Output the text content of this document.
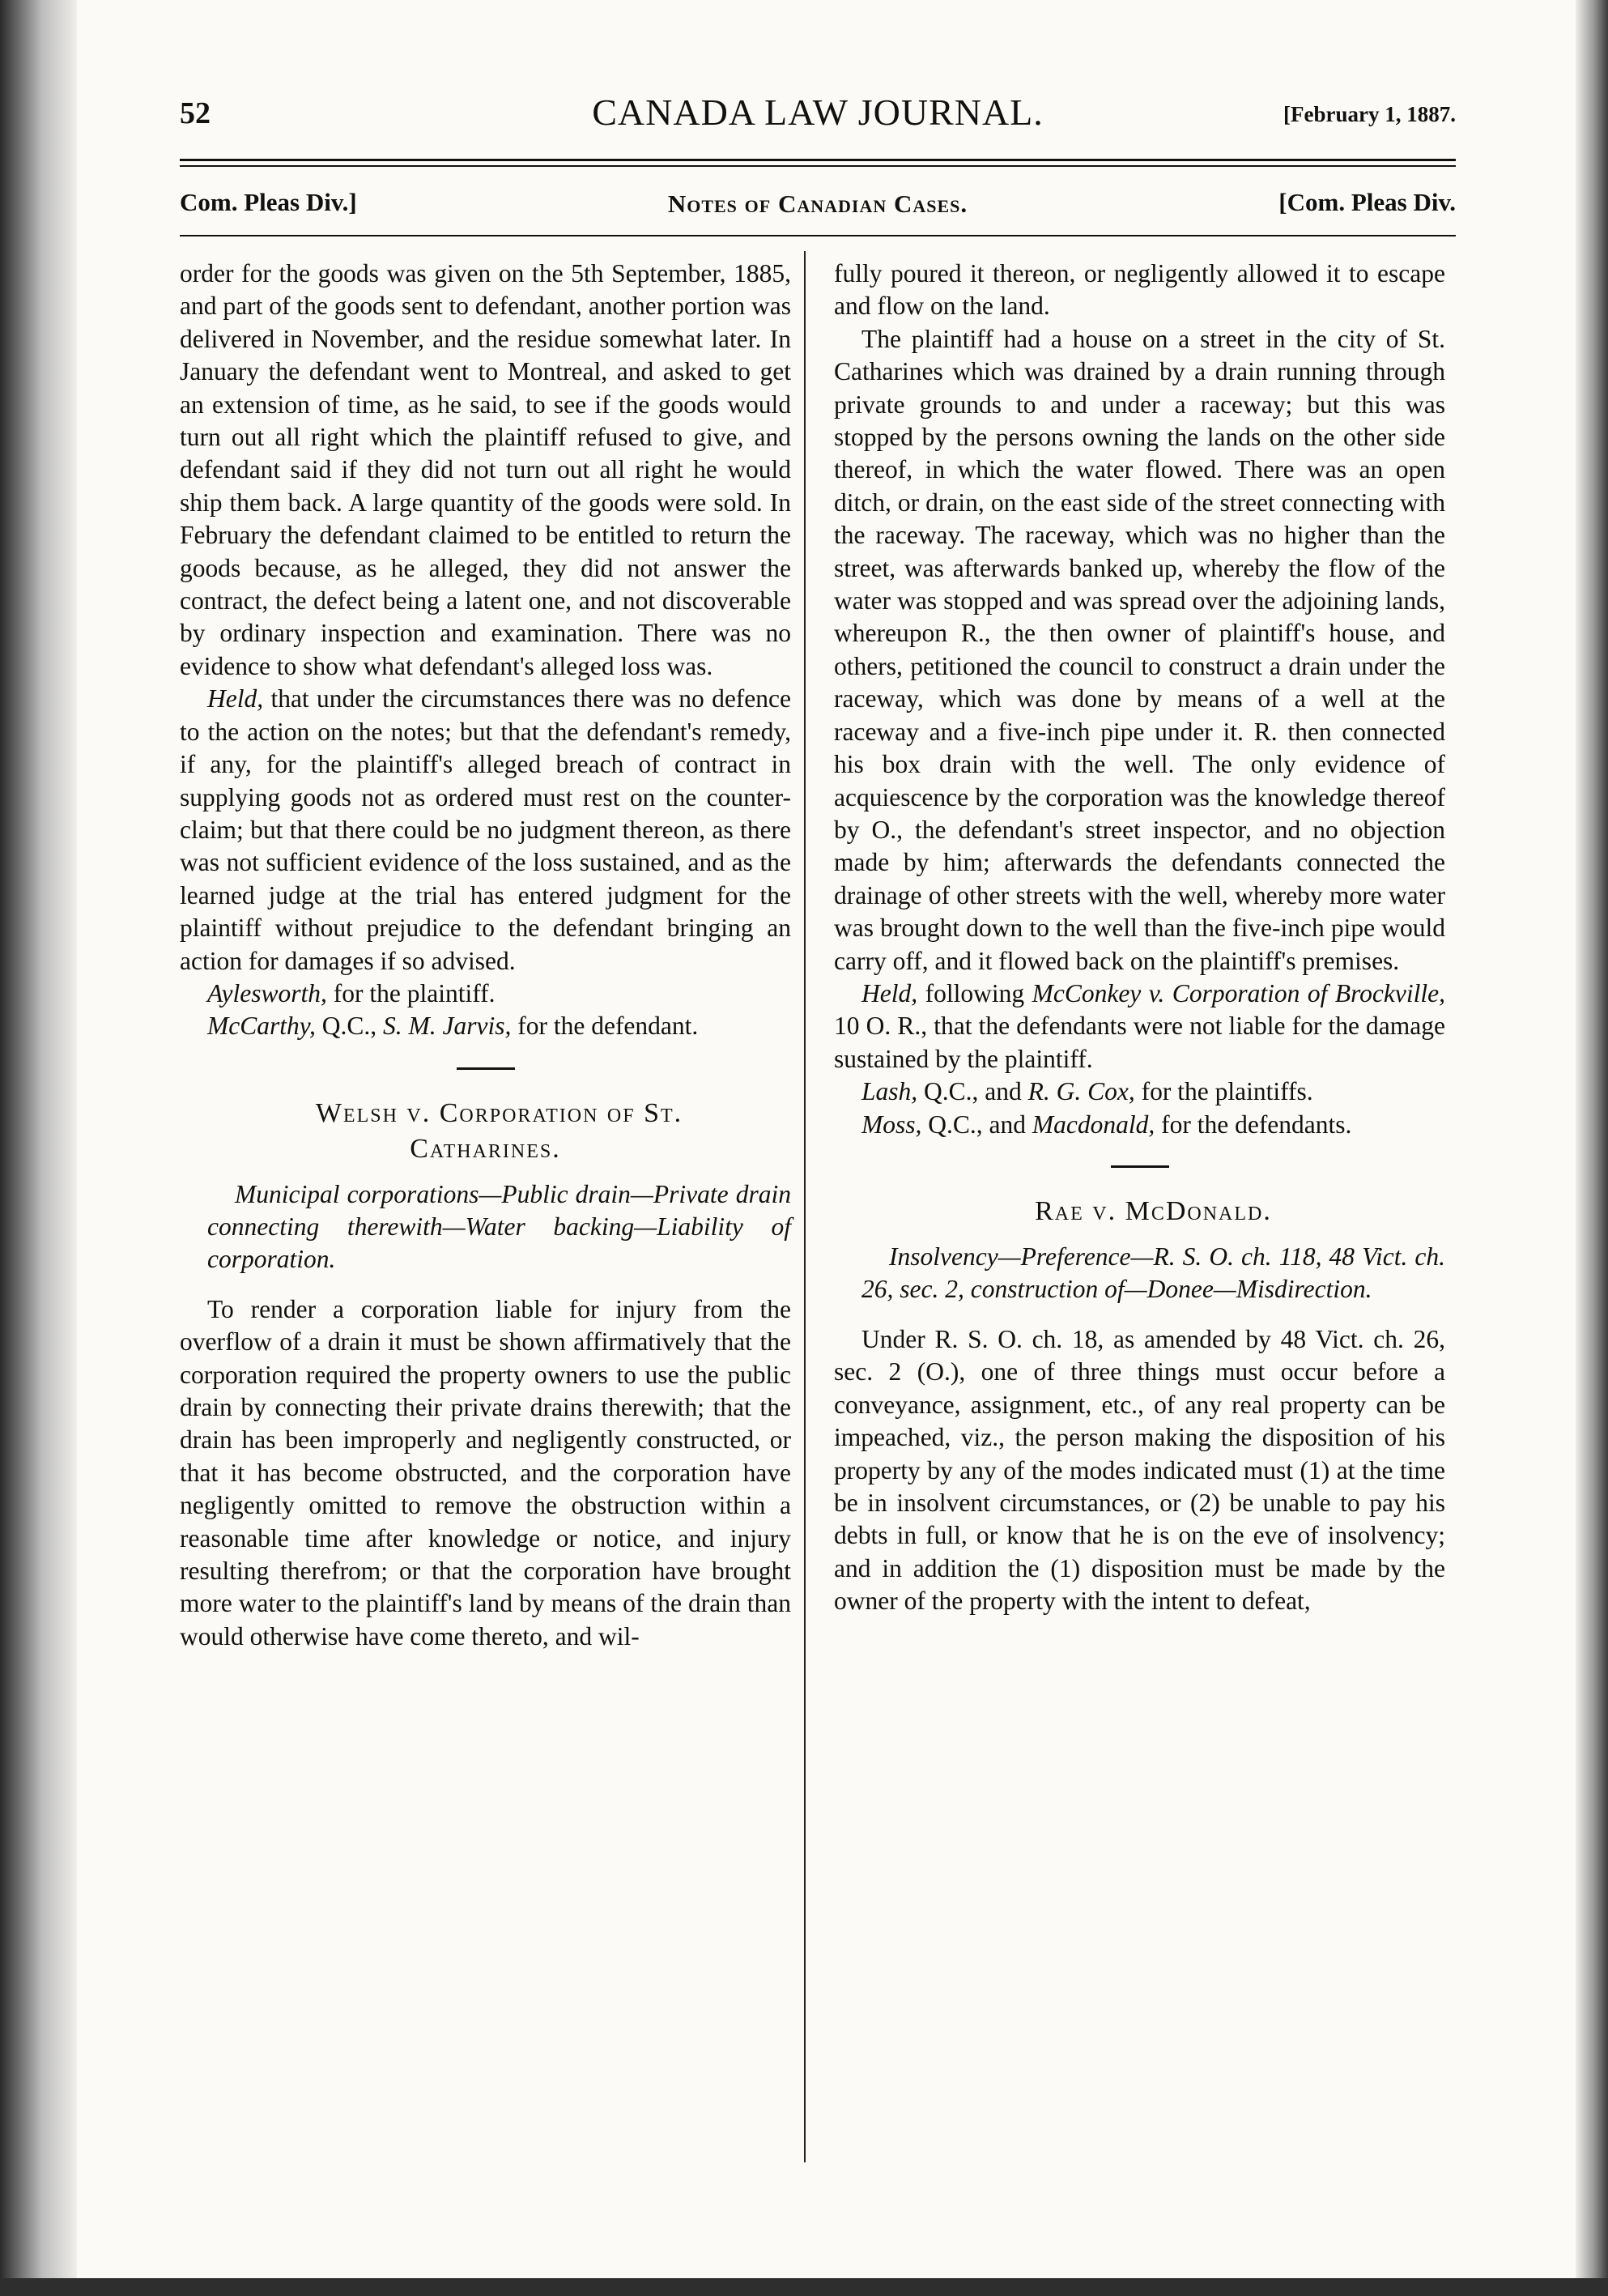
52	CANADA LAW JOURNAL.	[February 1, 1887.
Com. Pleas Div.]	Notes of Canadian Cases.	[Com. Pleas Div.

order for the goods was given on the 5th September, 1885, and part of the goods sent to defendant, another portion was delivered in November, and the residue somewhat later. In January the defendant went to Montreal, and asked to get an extension of time, as he said, to see if the goods would turn out all right which the plaintiff refused to give, and defendant said if they did not turn out all right he would ship them back. A large quantity of the goods were sold. In February the defendant claimed to be entitled to return the goods because, as he alleged, they did not answer the contract, the defect being a latent one, and not discoverable by ordinary inspection and examination. There was no evidence to show what defendant's alleged loss was.

Held, that under the circumstances there was no defence to the action on the notes; but that the defendant's remedy, if any, for the plaintiff's alleged breach of contract in supplying goods not as ordered must rest on the counter-claim; but that there could be no judgment thereon, as there was not sufficient evidence of the loss sustained, and as the learned judge at the trial has entered judgment for the plaintiff without prejudice to the defendant bringing an action for damages if so advised.

Aylesworth, for the plaintiff.

McCarthy, Q.C., S. M. Jarvis, for the defendant.

Welsh v. Corporation of St.
Catharines.

Municipal corporations—Public drain—Private drain connecting therewith—Water backing—Liability of corporation.

To render a corporation liable for injury from the overflow of a drain it must be shown affirmatively that the corporation required the property owners to use the public drain by connecting their private drains therewith; that the drain has been improperly and negligently constructed, or that it has become obstructed, and the corporation have negligently omitted to remove the obstruction within a reasonable time after knowledge or notice, and injury resulting therefrom; or that the corporation have brought more water to the plaintiff's land by means of the drain than would otherwise have come thereto, and wil-

fully poured it thereon, or negligently allowed it to escape and flow on the land.

The plaintiff had a house on a street in the city of St. Catharines which was drained by a drain running through private grounds to and under a raceway; but this was stopped by the persons owning the lands on the other side thereof, in which the water flowed. There was an open ditch, or drain, on the east side of the street connecting with the raceway. The raceway, which was no higher than the street, was afterwards banked up, whereby the flow of the water was stopped and was spread over the adjoining lands, whereupon R., the then owner of plaintiff's house, and others, petitioned the council to construct a drain under the raceway, which was done by means of a well at the raceway and a five-inch pipe under it. R. then connected his box drain with the well. The only evidence of acquiescence by the corporation was the knowledge thereof by O., the defendant's street inspector, and no objection made by him; afterwards the defendants connected the drainage of other streets with the well, whereby more water was brought down to the well than the five-inch pipe would carry off, and it flowed back on the plaintiff's premises.

Held, following McConkey v. Corporation of Brockville, 10 O. R., that the defendants were not liable for the damage sustained by the plaintiff.

Lash, Q.C., and R. G. Cox, for the plaintiffs.

Moss, Q.C., and Macdonald, for the defendants.

Rae v. McDonald.

Insolvency—Preference—R. S. O. ch. 118, 48 Vict. ch. 26, sec. 2, construction of—Donee—Misdirection.

Under R. S. O. ch. 18, as amended by 48 Vict. ch. 26, sec. 2 (O.), one of three things must occur before a conveyance, assignment, etc., of any real property can be impeached, viz., the person making the disposition of his property by any of the modes indicated must (1) at the time be in insolvent circumstances, or (2) be unable to pay his debts in full, or know that he is on the eve of insolvency; and in addition the (1) disposition must be made by the owner of the property with the intent to defeat,
